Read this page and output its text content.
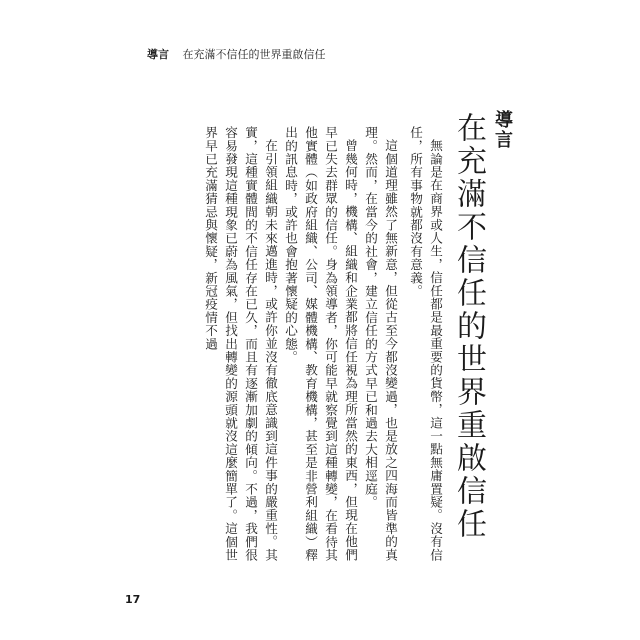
導言 在充滿不信任的世界重啟信任
導言
在充滿不信任的世界重啟信任

無論是在商界或人生，信任都是最重要的貨幣，這一點無庸置疑。沒有信任，所有事物就都沒有意義。

這個道理雖然了無新意，但從古至今都沒變過，也是放之四海而皆準的真理。然而，在當今的社會，建立信任的方式早已和過去大相逕庭。

曾幾何時，機構、組織和企業都將信任視為理所當然的東西，但現在他們早已失去群眾的信任。身為領導者，你可能早就察覺到這種轉變，在看待其他實體（如政府組織、公司、媒體機構、教育機構，甚至是非營利組織）釋出的訊息時，或許也會抱著懷疑的心態。

在引領組織朝未來邁進時，或許你並沒有徹底意識到這件事的嚴重性。其實，這種實體間的不信任存在已久，而且有逐漸加劇的傾向。不過，我們很容易發現這種現象已蔚為風氣，但找出轉變的源頭就沒這麼簡單了。這個世界早已充滿猜忌與懷疑，新冠疫情不過

17
